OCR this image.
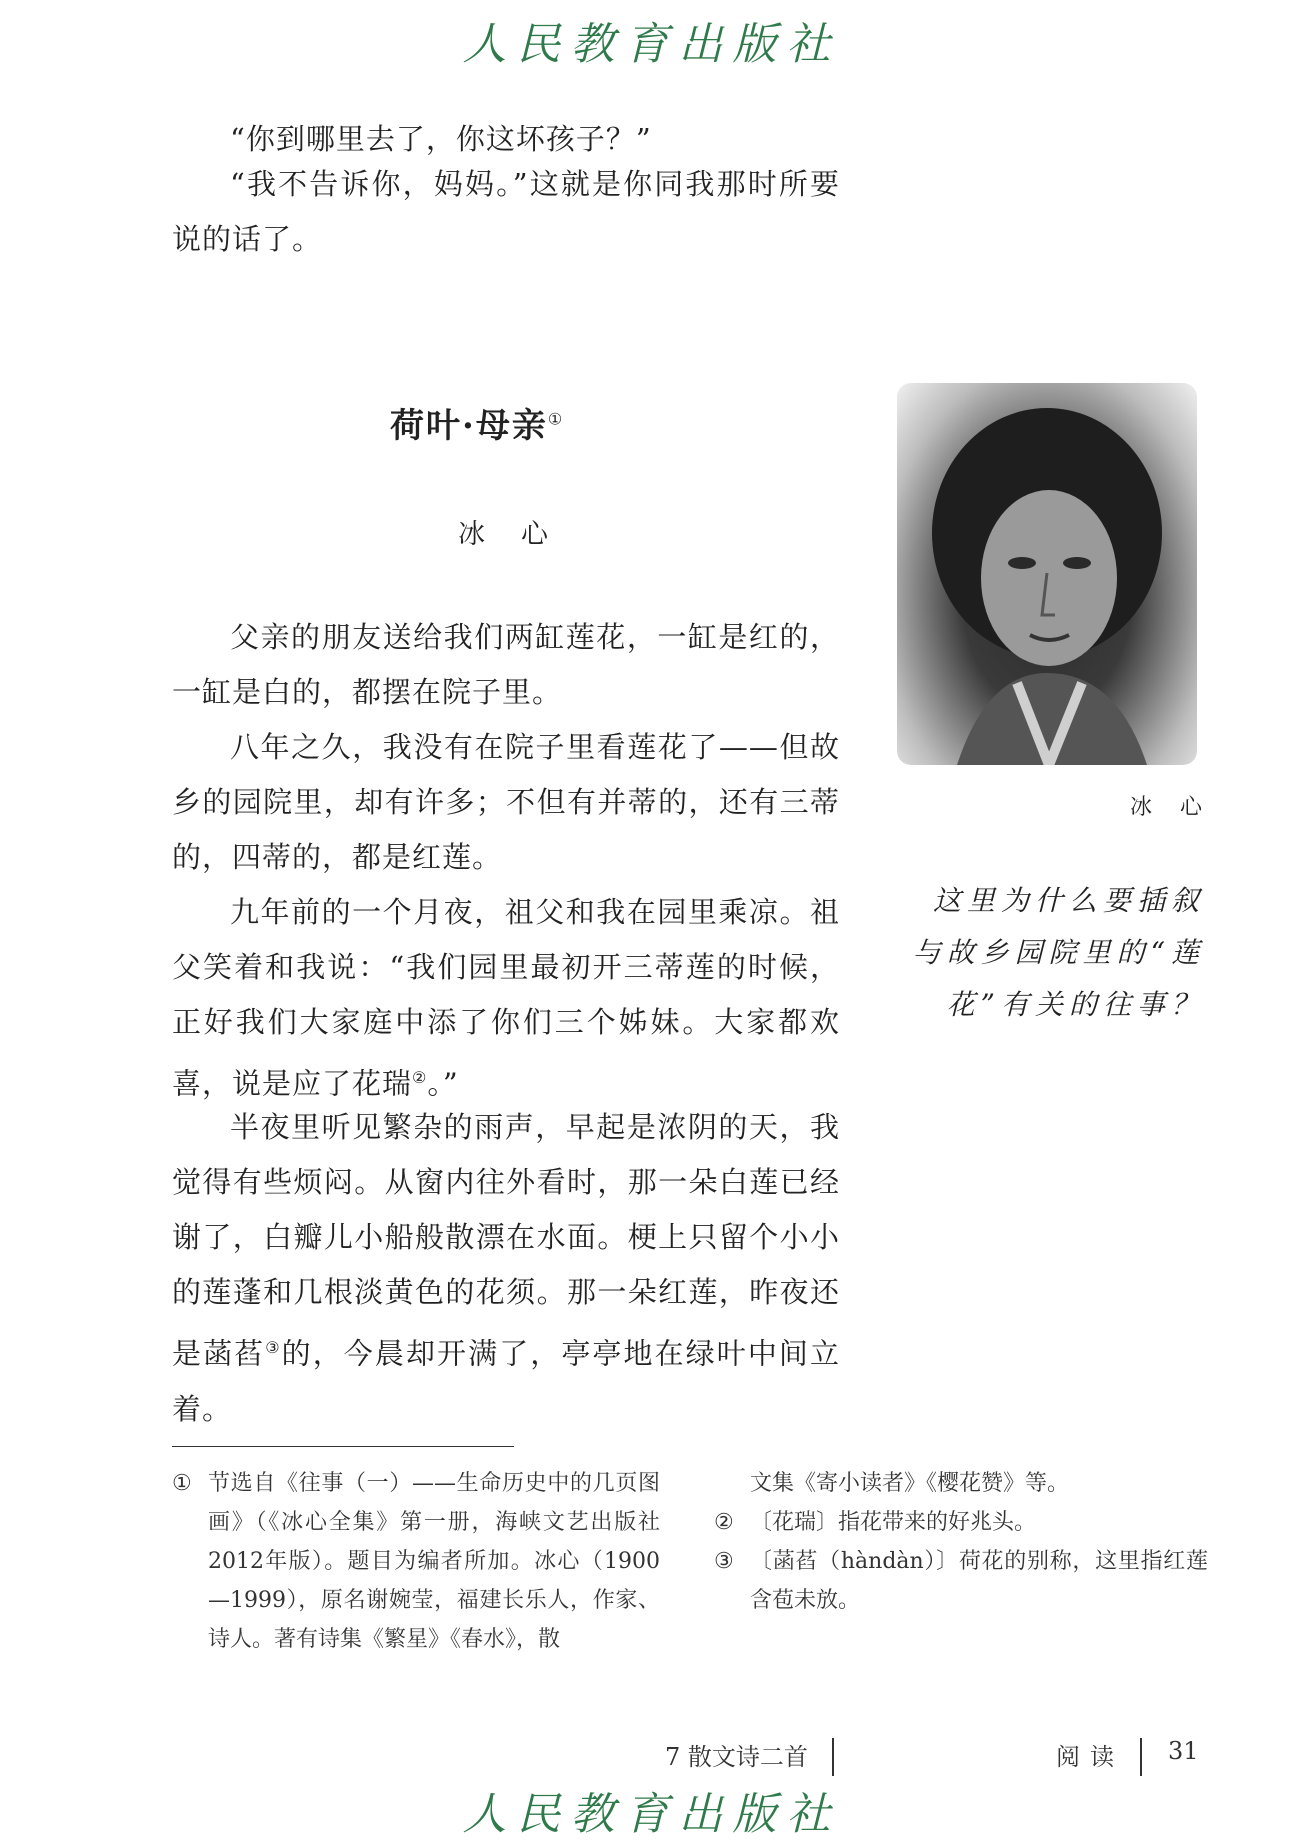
人民教育出版社

“你到哪里去了，你这坏孩子？”

“我不告诉你，妈妈。”这就是你同我那时所要说的话了。

荷叶·母亲①
冰心

父亲的朋友送给我们两缸莲花，一缸是红的，一缸是白的，都摆在院子里。

八年之久，我没有在院子里看莲花了——但故乡的园院里，却有许多；不但有并蒂的，还有三蒂的，四蒂的，都是红莲。

九年前的一个月夜，祖父和我在园里乘凉。祖父笑着和我说：“我们园里最初开三蒂莲的时候，正好我们大家庭中添了你们三个姊妹。大家都欢喜，说是应了花瑞②。”

半夜里听见繁杂的雨声，早起是浓阴的天，我觉得有些烦闷。从窗内往外看时，那一朵白莲已经谢了，白瓣儿小船般散漂在水面。梗上只留个小小的莲蓬和几根淡黄色的花须。那一朵红莲，昨夜还是菡萏③的，今晨却开满了，亭亭地在绿叶中间立着。

冰心
这里为什么要插叙与故乡园院里的“莲花”有关的往事？
① 节选自《往事（一）——生命历史中的几页图画》（《冰心全集》第一册，海峡文艺出版社2012年版）。题目为编者所加。冰心（1900—1999），原名谢婉莹，福建长乐人，作家、诗人。著有诗集《繁星》《春水》，散
文集《寄小读者》《樱花赞》等。
② 〔花瑞〕指花带来的好兆头。
③ 〔菡萏（hàndàn）〕荷花的别称，这里指红莲含苞未放。
7 散文诗二首	阅读 31
人民教育出版社
